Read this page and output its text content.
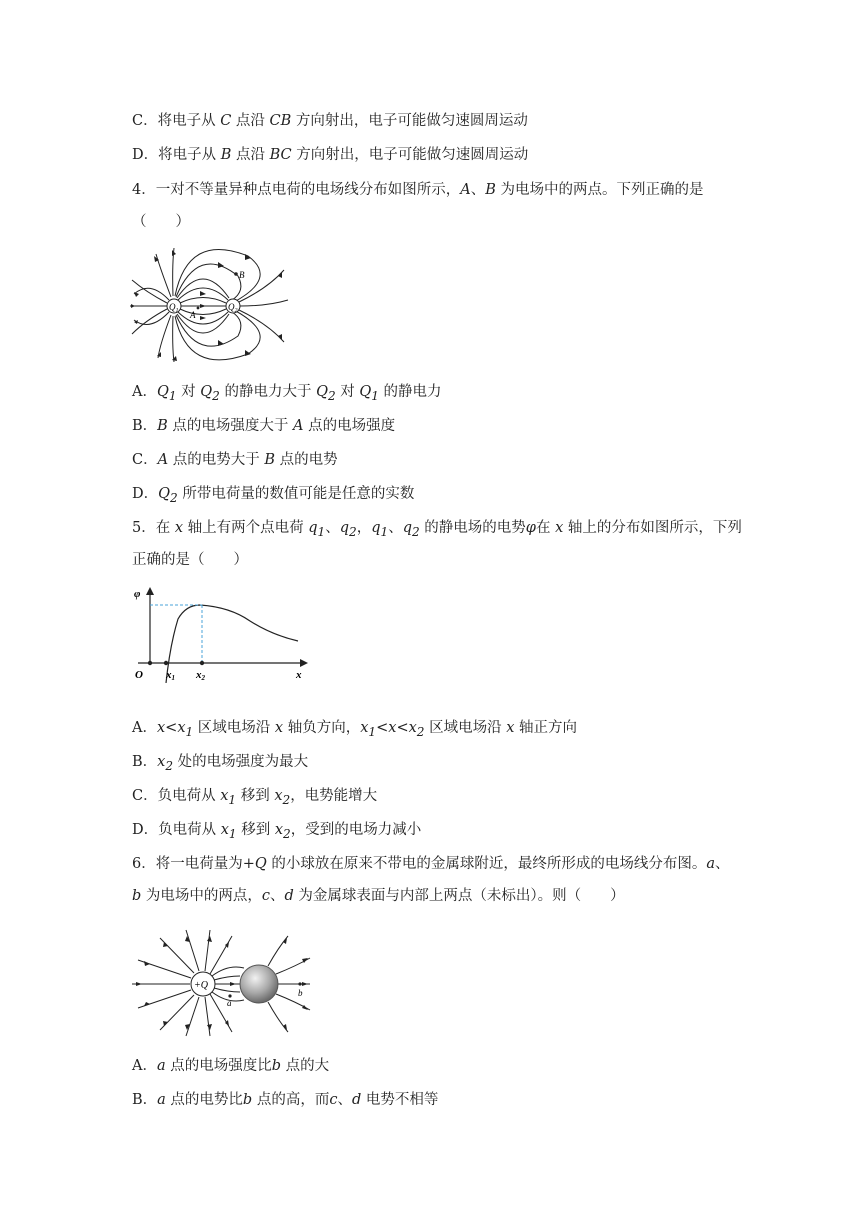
C．将电子从 C 点沿 CB 方向射出，电子可能做匀速圆周运动
D．将电子从 B 点沿 BC 方向射出，电子可能做匀速圆周运动
4．一对不等量异种点电荷的电场线分布如图所示，A、B 为电场中的两点。下列正确的是
（　　）
$Q_1$	$Q_2$
A
B
A．$Q_1$ 对 $Q_2$ 的静电力大于 $Q_2$ 对 $Q_1$ 的静电力
B．B 点的电场强度大于 A 点的电场强度
C．A 点的电势大于 B 点的电势
D．$Q_2$ 所带电荷量的数值可能是任意的实数
5．在 x 轴上有两个点电荷 $q_1$、$q_2$，$q_1$、$q_2$ 的静电场的电势φ在 x 轴上的分布如图所示，下列
正确的是（　　）
φ
O x1 x2	x
A．$x<x_1$ 区域电场沿 x 轴负方向，$x_1<x<x_2$ 区域电场沿 x 轴正方向
B．$x_2$ 处的电场强度为最大
C．负电荷从 $x_1$ 移到 $x_2$，电势能增大
D．负电荷从 $x_1$ 移到 $x_2$，受到的电场力减小
6．将一电荷量为+Q 的小球放在原来不带电的金属球附近，最终所形成的电场线分布图。a、
b 为电场中的两点，c、d 为金属球表面与内部上两点（未标出）。则（　　）
+Q
a
b
A．a 点的电场强度比b 点的大
B．a 点的电势比b 点的高，而c、d 电势不相等
